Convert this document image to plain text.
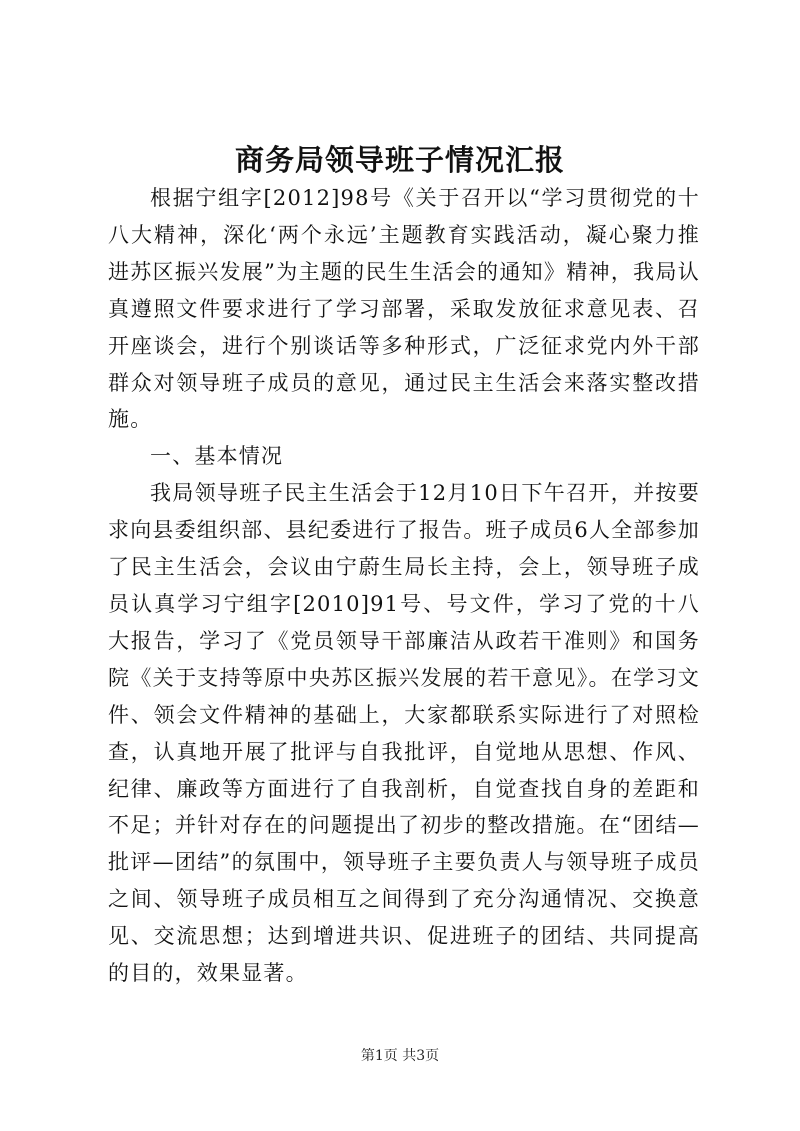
商务局领导班子情况汇报

根据宁组字[2012]98号《关于召开以“学习贯彻党的十八大精神，深化‘两个永远’主题教育实践活动，凝心聚力推进苏区振兴发展”为主题的民生生活会的通知》精神，我局认真遵照文件要求进行了学习部署，采取发放征求意见表、召开座谈会，进行个别谈话等多种形式，广泛征求党内外干部群众对领导班子成员的意见，通过民主生活会来落实整改措施。

一、基本情况

我局领导班子民主生活会于12月10日下午召开，并按要求向县委组织部、县纪委进行了报告。班子成员6人全部参加了民主生活会，会议由宁蔚生局长主持，会上，领导班子成员认真学习宁组字[2010]91号、号文件，学习了党的十八大报告，学习了《党员领导干部廉洁从政若干准则》和国务院《关于支持等原中央苏区振兴发展的若干意见》。在学习文件、领会文件精神的基础上，大家都联系实际进行了对照检查，认真地开展了批评与自我批评，自觉地从思想、作风、纪律、廉政等方面进行了自我剖析，自觉查找自身的差距和不足；并针对存在的问题提出了初步的整改措施。在“团结—批评—团结”的氛围中，领导班子主要负责人与领导班子成员之间、领导班子成员相互之间得到了充分沟通情况、交换意见、交流思想；达到增进共识、促进班子的团结、共同提高的目的，效果显著。

第1页 共3页
